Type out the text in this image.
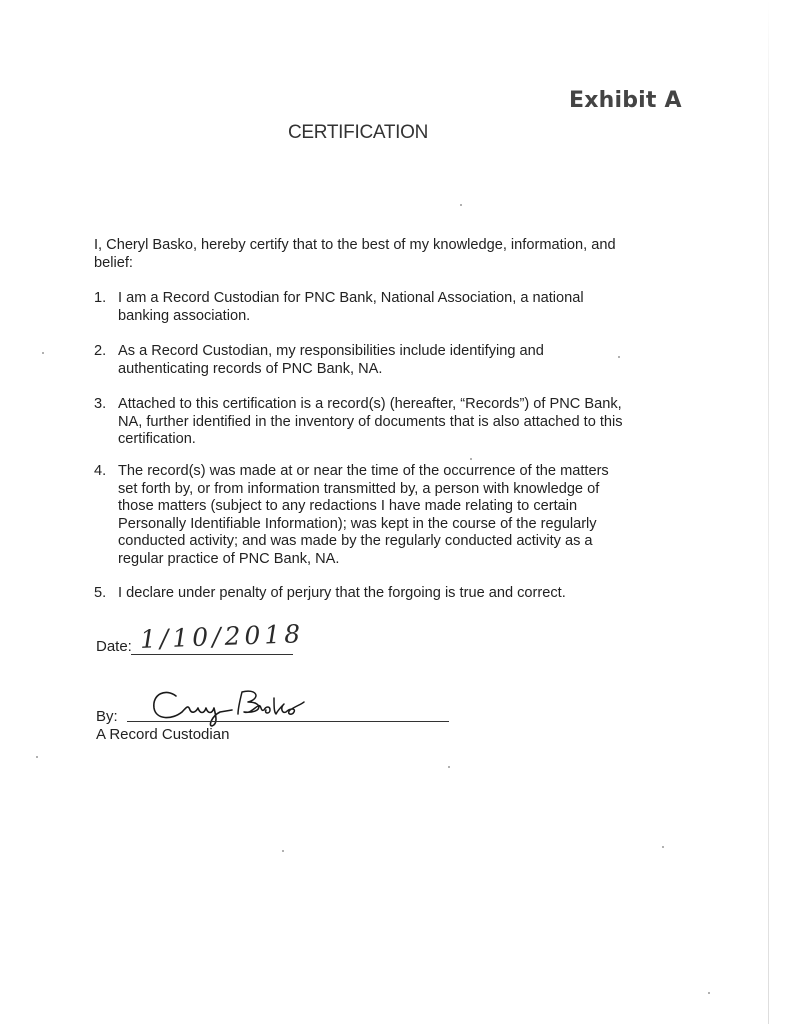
Exhibit A
CERTIFICATION
I, Cheryl Basko, hereby certify that to the best of my knowledge, information, and belief:
1. I am a Record Custodian for PNC Bank, National Association, a national banking association.
2. As a Record Custodian, my responsibilities include identifying and authenticating records of PNC Bank, NA.
3. Attached to this certification is a record(s) (hereafter, “Records”) of PNC Bank, NA, further identified in the inventory of documents that is also attached to this certification.
4. The record(s) was made at or near the time of the occurrence of the matters set forth by, or from information transmitted by, a person with knowledge of those matters (subject to any redactions I have made relating to certain Personally Identifiable Information); was kept in the course of the regularly conducted activity; and was made by the regularly conducted activity as a regular practice of PNC Bank, NA.
5. I declare under penalty of perjury that the forgoing is true and correct.
Date: 1/10/2018
By:
A Record Custodian
